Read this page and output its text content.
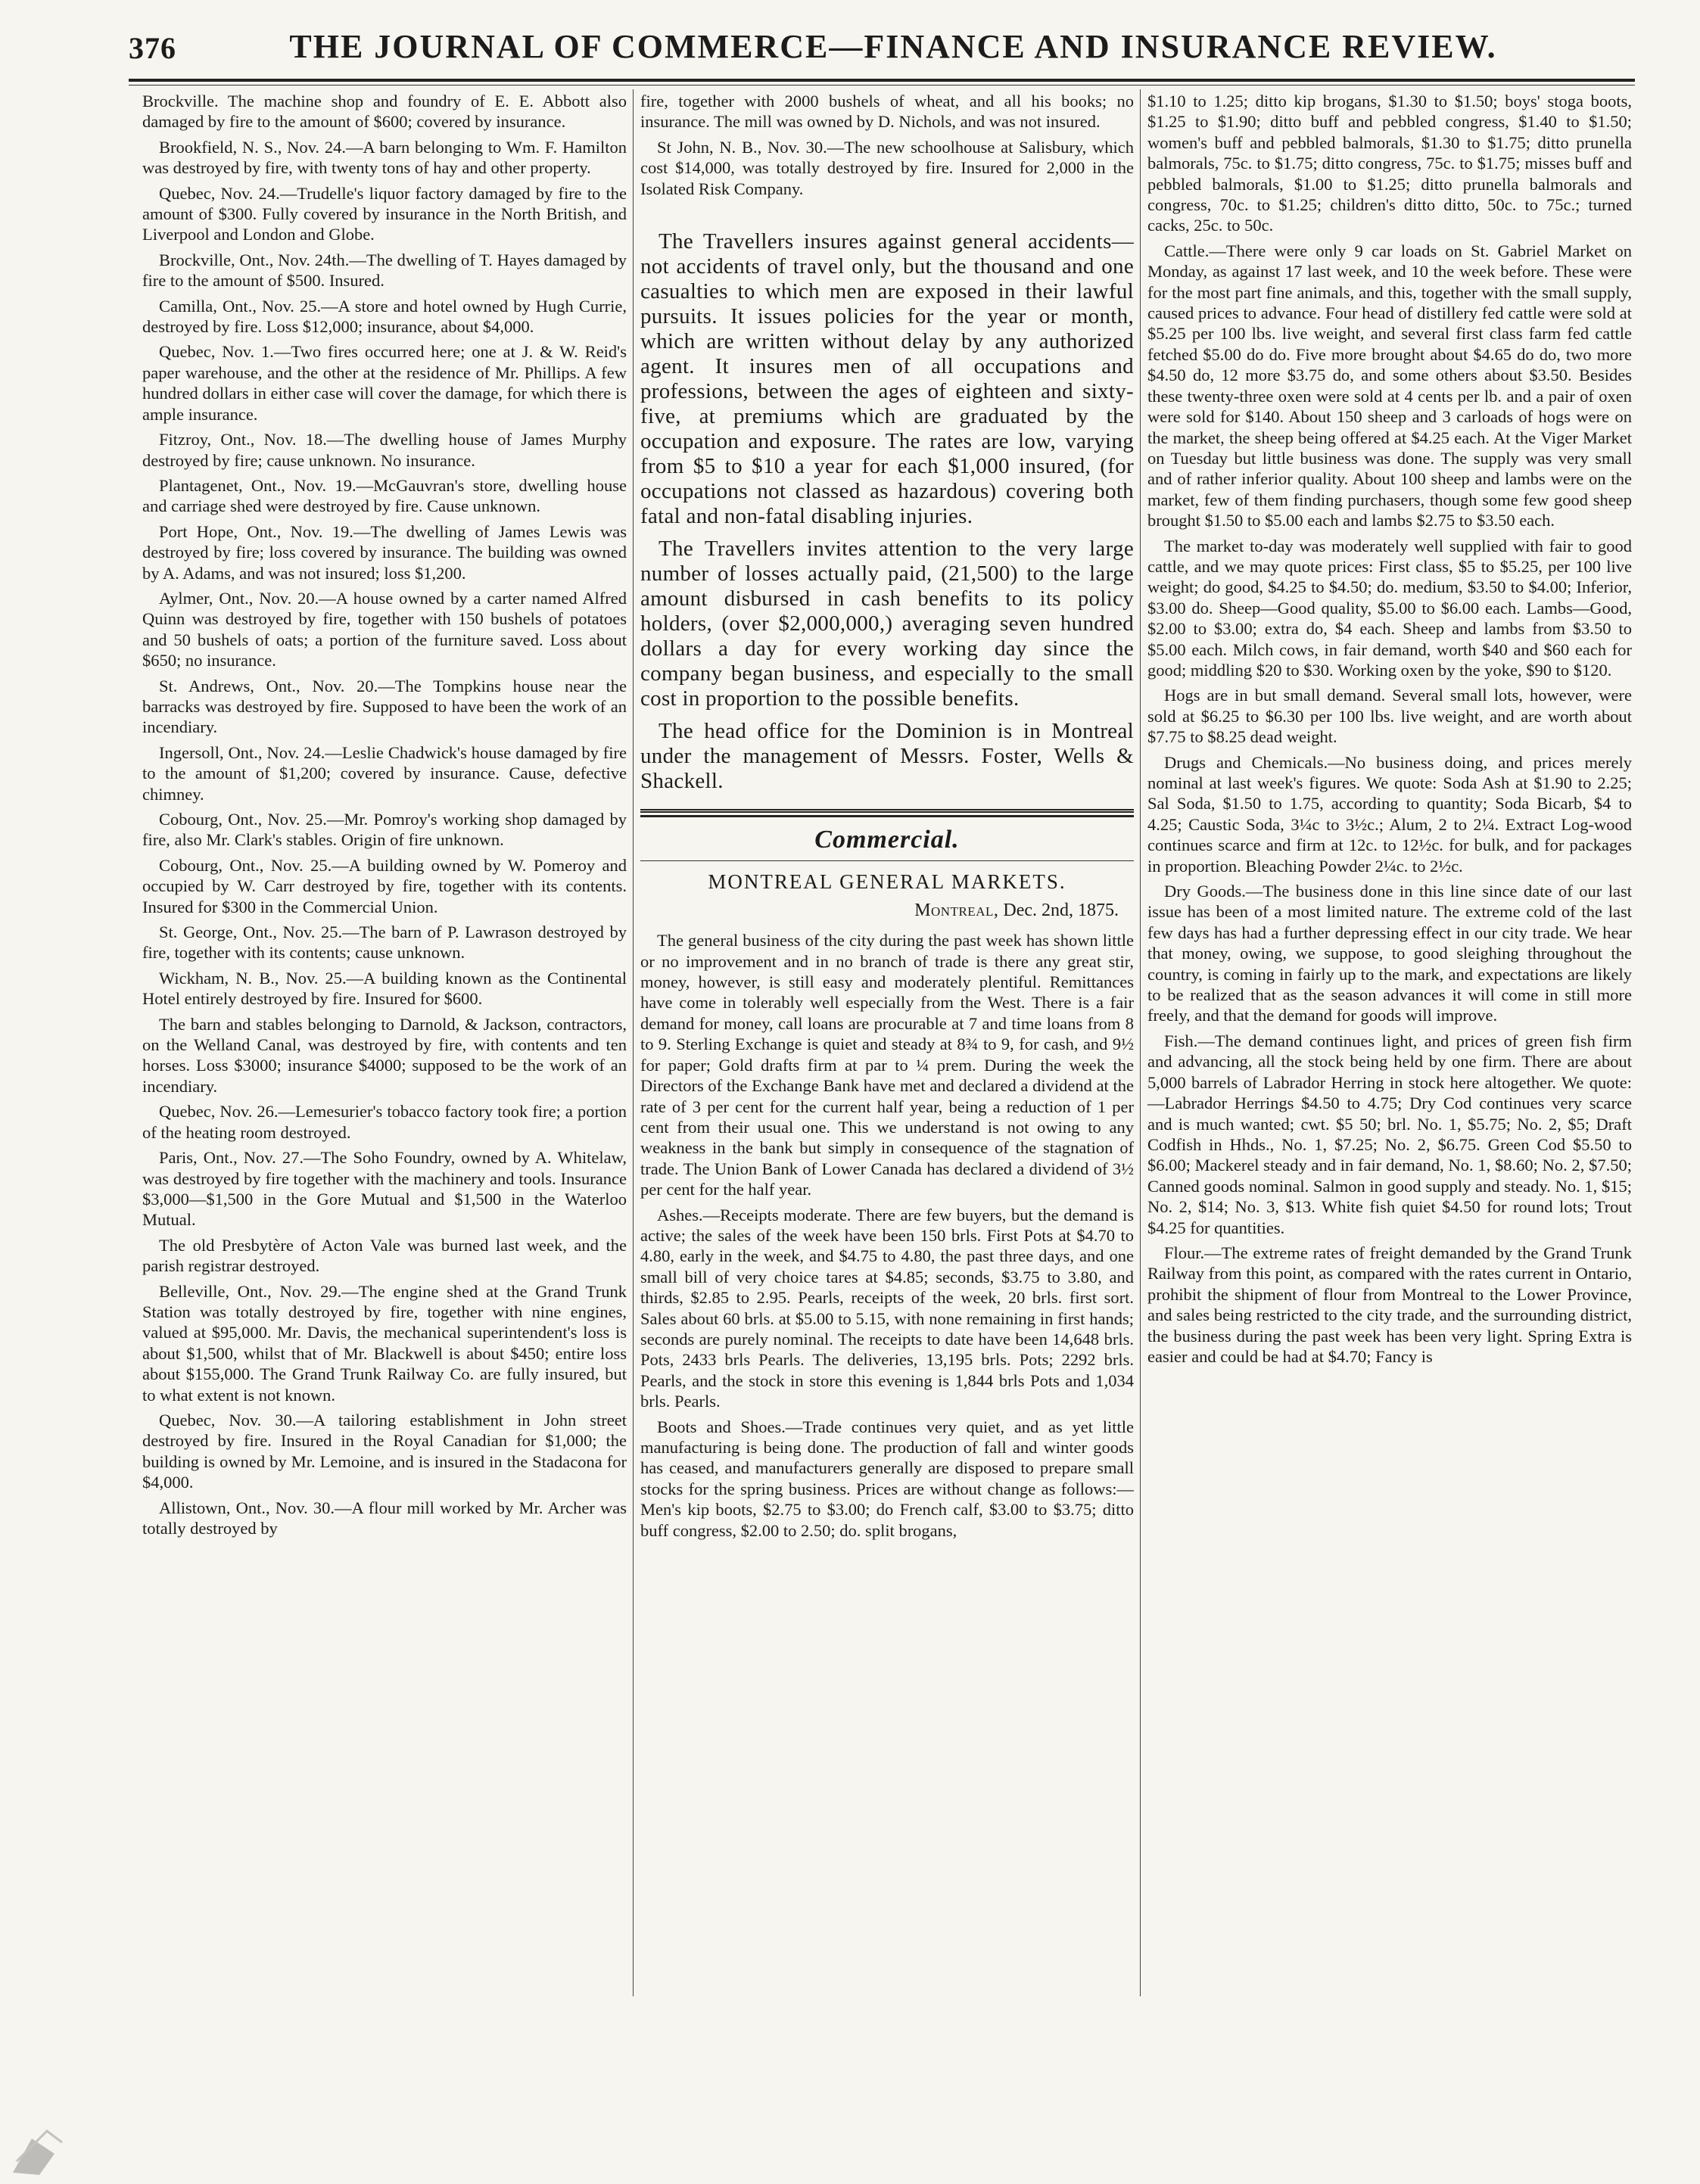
376	THE JOURNAL OF COMMERCE—FINANCE AND INSURANCE REVIEW.

Brockville. The machine shop and foundry of E. E. Abbott also damaged by fire to the amount of $600; covered by insurance.

Brookfield, N. S., Nov. 24.—A barn belonging to Wm. F. Hamilton was destroyed by fire, with twenty tons of hay and other property.

Quebec, Nov. 24.—Trudelle's liquor factory damaged by fire to the amount of $300. Fully covered by insurance in the North British, and Liverpool and London and Globe.

Brockville, Ont., Nov. 24th.—The dwelling of T. Hayes damaged by fire to the amount of $500. Insured.

Camilla, Ont., Nov. 25.—A store and hotel owned by Hugh Currie, destroyed by fire. Loss $12,000; insurance, about $4,000.

Quebec, Nov. 1.—Two fires occurred here; one at J. & W. Reid's paper warehouse, and the other at the residence of Mr. Phillips. A few hundred dollars in either case will cover the damage, for which there is ample insurance.

Fitzroy, Ont., Nov. 18.—The dwelling house of James Murphy destroyed by fire; cause unknown. No insurance.

Plantagenet, Ont., Nov. 19.—McGauvran's store, dwelling house and carriage shed were destroyed by fire. Cause unknown.

Port Hope, Ont., Nov. 19.—The dwelling of James Lewis was destroyed by fire; loss covered by insurance. The building was owned by A. Adams, and was not insured; loss $1,200.

Aylmer, Ont., Nov. 20.—A house owned by a carter named Alfred Quinn was destroyed by fire, together with 150 bushels of potatoes and 50 bushels of oats; a portion of the furniture saved. Loss about $650; no insurance.

St. Andrews, Ont., Nov. 20.—The Tompkins house near the barracks was destroyed by fire. Supposed to have been the work of an incendiary.

Ingersoll, Ont., Nov. 24.—Leslie Chadwick's house damaged by fire to the amount of $1,200; covered by insurance. Cause, defective chimney.

Cobourg, Ont., Nov. 25.—Mr. Pomroy's working shop damaged by fire, also Mr. Clark's stables. Origin of fire unknown.

Cobourg, Ont., Nov. 25.—A building owned by W. Pomeroy and occupied by W. Carr destroyed by fire, together with its contents. Insured for $300 in the Commercial Union.

St. George, Ont., Nov. 25.—The barn of P. Lawrason destroyed by fire, together with its contents; cause unknown.

Wickham, N. B., Nov. 25.—A building known as the Continental Hotel entirely destroyed by fire. Insured for $600.

The barn and stables belonging to Darnold, & Jackson, contractors, on the Welland Canal, was destroyed by fire, with contents and ten horses. Loss $3000; insurance $4000; supposed to be the work of an incendiary.

Quebec, Nov. 26.—Lemesurier's tobacco factory took fire; a portion of the heating room destroyed.

Paris, Ont., Nov. 27.—The Soho Foundry, owned by A. Whitelaw, was destroyed by fire together with the machinery and tools. Insurance $3,000—$1,500 in the Gore Mutual and $1,500 in the Waterloo Mutual.

The old Presbytère of Acton Vale was burned last week, and the parish registrar destroyed.

Belleville, Ont., Nov. 29.—The engine shed at the Grand Trunk Station was totally destroyed by fire, together with nine engines, valued at $95,000. Mr. Davis, the mechanical superintendent's loss is about $1,500, whilst that of Mr. Blackwell is about $450; entire loss about $155,000. The Grand Trunk Railway Co. are fully insured, but to what extent is not known.

Quebec, Nov. 30.—A tailoring establishment in John street destroyed by fire. Insured in the Royal Canadian for $1,000; the building is owned by Mr. Lemoine, and is insured in the Stadacona for $4,000.

Allistown, Ont., Nov. 30.—A flour mill worked by Mr. Archer was totally destroyed by

fire, together with 2000 bushels of wheat, and all his books; no insurance. The mill was owned by D. Nichols, and was not insured.

St John, N. B., Nov. 30.—The new schoolhouse at Salisbury, which cost $14,000, was totally destroyed by fire. Insured for 2,000 in the Isolated Risk Company.

The Travellers insures against general accidents—not accidents of travel only, but the thousand and one casualties to which men are exposed in their lawful pursuits. It issues policies for the year or month, which are written without delay by any authorized agent. It insures men of all occupations and professions, between the ages of eighteen and sixty-five, at premiums which are graduated by the occupation and exposure. The rates are low, varying from $5 to $10 a year for each $1,000 insured, (for occupations not classed as hazardous) covering both fatal and non-fatal disabling injuries.

The Travellers invites attention to the very large number of losses actually paid, (21,500) to the large amount disbursed in cash benefits to its policy holders, (over $2,000,000,) averaging seven hundred dollars a day for every working day since the company began business, and especially to the small cost in proportion to the possible benefits.

The head office for the Dominion is in Montreal under the management of Messrs. Foster, Wells & Shackell.

Commercial.
MONTREAL GENERAL MARKETS.
Montreal, Dec. 2nd, 1875.

The general business of the city during the past week has shown little or no improvement and in no branch of trade is there any great stir, money, however, is still easy and moderately plentiful. Remittances have come in tolerably well especially from the West. There is a fair demand for money, call loans are procurable at 7 and time loans from 8 to 9. Sterling Exchange is quiet and steady at 8¾ to 9, for cash, and 9½ for paper; Gold drafts firm at par to ¼ prem. During the week the Directors of the Exchange Bank have met and declared a dividend at the rate of 3 per cent for the current half year, being a reduction of 1 per cent from their usual one. This we understand is not owing to any weakness in the bank but simply in consequence of the stagnation of trade. The Union Bank of Lower Canada has declared a dividend of 3½ per cent for the half year.

Ashes.—Receipts moderate. There are few buyers, but the demand is active; the sales of the week have been 150 brls. First Pots at $4.70 to 4.80, early in the week, and $4.75 to 4.80, the past three days, and one small bill of very choice tares at $4.85; seconds, $3.75 to 3.80, and thirds, $2.85 to 2.95. Pearls, receipts of the week, 20 brls. first sort. Sales about 60 brls. at $5.00 to 5.15, with none remaining in first hands; seconds are purely nominal. The receipts to date have been 14,648 brls. Pots, 2433 brls Pearls. The deliveries, 13,195 brls. Pots; 2292 brls. Pearls, and the stock in store this evening is 1,844 brls Pots and 1,034 brls. Pearls.

Boots and Shoes.—Trade continues very quiet, and as yet little manufacturing is being done. The production of fall and winter goods has ceased, and manufacturers generally are disposed to prepare small stocks for the spring business. Prices are without change as follows:— Men's kip boots, $2.75 to $3.00; do French calf, $3.00 to $3.75; ditto buff congress, $2.00 to 2.50; do. split brogans,

$1.10 to 1.25; ditto kip brogans, $1.30 to $1.50; boys' stoga boots, $1.25 to $1.90; ditto buff and pebbled congress, $1.40 to $1.50; women's buff and pebbled balmorals, $1.30 to $1.75; ditto prunella balmorals, 75c. to $1.75; ditto congress, 75c. to $1.75; misses buff and pebbled balmorals, $1.00 to $1.25; ditto prunella balmorals and congress, 70c. to $1.25; children's ditto ditto, 50c. to 75c.; turned cacks, 25c. to 50c.

Cattle.—There were only 9 car loads on St. Gabriel Market on Monday, as against 17 last week, and 10 the week before. These were for the most part fine animals, and this, together with the small supply, caused prices to advance. Four head of distillery fed cattle were sold at $5.25 per 100 lbs. live weight, and several first class farm fed cattle fetched $5.00 do do. Five more brought about $4.65 do do, two more $4.50 do, 12 more $3.75 do, and some others about $3.50. Besides these twenty-three oxen were sold at 4 cents per lb. and a pair of oxen were sold for $140. About 150 sheep and 3 carloads of hogs were on the market, the sheep being offered at $4.25 each. At the Viger Market on Tuesday but little business was done. The supply was very small and of rather inferior quality. About 100 sheep and lambs were on the market, few of them finding purchasers, though some few good sheep brought $1.50 to $5.00 each and lambs $2.75 to $3.50 each.

The market to-day was moderately well supplied with fair to good cattle, and we may quote prices: First class, $5 to $5.25, per 100 live weight; do good, $4.25 to $4.50; do. medium, $3.50 to $4.00; Inferior, $3.00 do. Sheep—Good quality, $5.00 to $6.00 each. Lambs—Good, $2.00 to $3.00; extra do, $4 each. Sheep and lambs from $3.50 to $5.00 each. Milch cows, in fair demand, worth $40 and $60 each for good; middling $20 to $30. Working oxen by the yoke, $90 to $120.

Hogs are in but small demand. Several small lots, however, were sold at $6.25 to $6.30 per 100 lbs. live weight, and are worth about $7.75 to $8.25 dead weight.

Drugs and Chemicals.—No business doing, and prices merely nominal at last week's figures. We quote: Soda Ash at $1.90 to 2.25; Sal Soda, $1.50 to 1.75, according to quantity; Soda Bicarb, $4 to 4.25; Caustic Soda, 3¼c to 3½c.; Alum, 2 to 2¼. Extract Log-wood continues scarce and firm at 12c. to 12½c. for bulk, and for packages in proportion. Bleaching Powder 2¼c. to 2½c.

Dry Goods.—The business done in this line since date of our last issue has been of a most limited nature. The extreme cold of the last few days has had a further depressing effect in our city trade. We hear that money, owing, we suppose, to good sleighing throughout the country, is coming in fairly up to the mark, and expectations are likely to be realized that as the season advances it will come in still more freely, and that the demand for goods will improve.

Fish.—The demand continues light, and prices of green fish firm and advancing, all the stock being held by one firm. There are about 5,000 barrels of Labrador Herring in stock here altogether. We quote:—Labrador Herrings $4.50 to 4.75; Dry Cod continues very scarce and is much wanted; cwt. $5 50; brl. No. 1, $5.75; No. 2, $5; Draft Codfish in Hhds., No. 1, $7.25; No. 2, $6.75. Green Cod $5.50 to $6.00; Mackerel steady and in fair demand, No. 1, $8.60; No. 2, $7.50; Canned goods nominal. Salmon in good supply and steady. No. 1, $15; No. 2, $14; No. 3, $13. White fish quiet $4.50 for round lots; Trout $4.25 for quantities.

Flour.—The extreme rates of freight demanded by the Grand Trunk Railway from this point, as compared with the rates current in Ontario, prohibit the shipment of flour from Montreal to the Lower Province, and sales being restricted to the city trade, and the surrounding district, the business during the past week has been very light. Spring Extra is easier and could be had at $4.70; Fancy is
